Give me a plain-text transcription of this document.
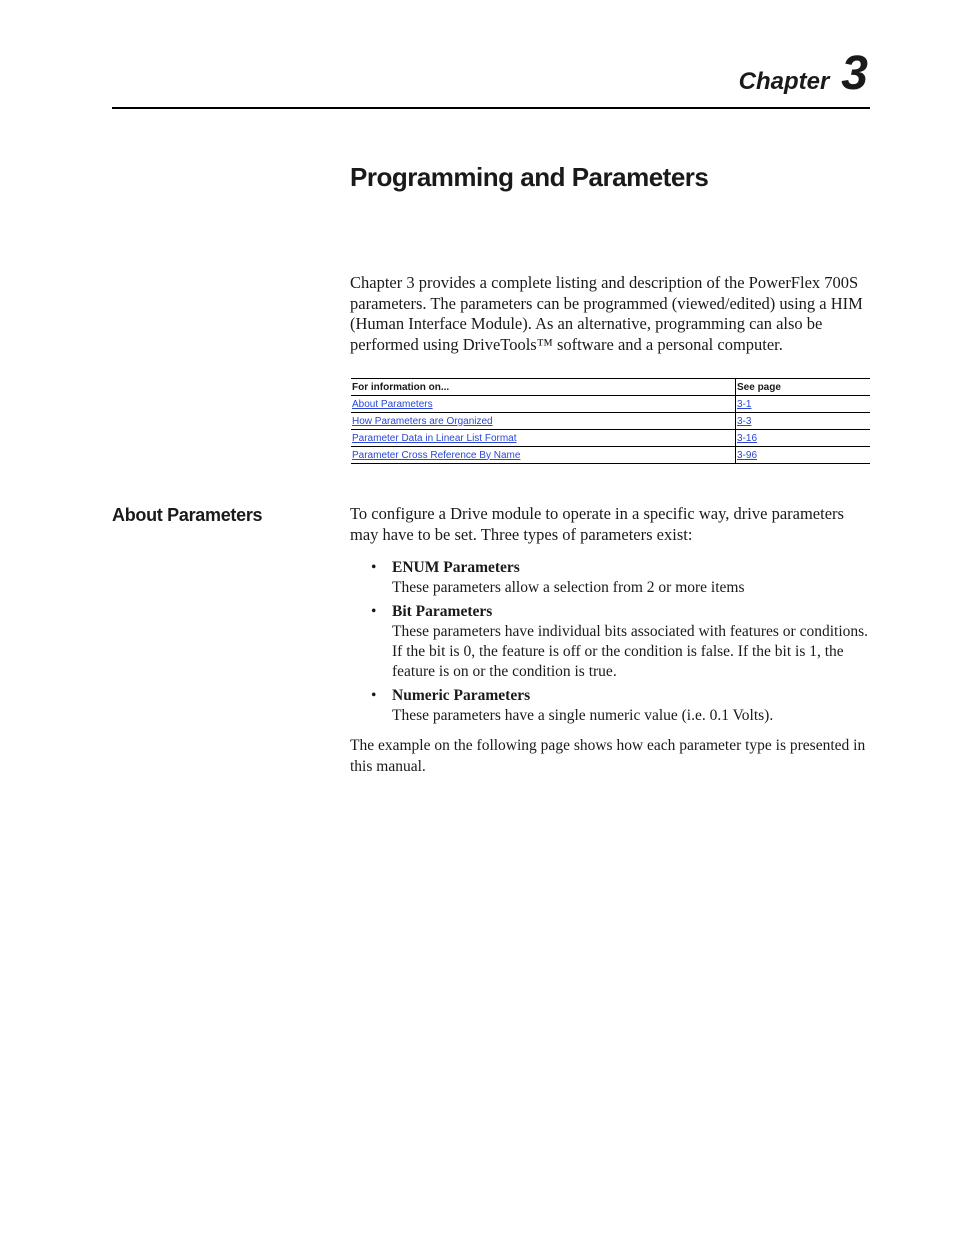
Chapter 3
Programming and Parameters

Chapter 3 provides a complete listing and description of the PowerFlex 700S parameters. The parameters can be programmed (viewed/edited) using a HIM (Human Interface Module). As an alternative, programming can also be performed using DriveTools™ software and a personal computer.

For information on...	See page
About Parameters	3-1
How Parameters are Organized	3-3
Parameter Data in Linear List Format	3-16
Parameter Cross Reference By Name	3-96
About Parameters	To configure a Drive module to operate in a specific way, drive parameters may have to be set. Three types of parameters exist:

• ENUM Parameters
These parameters allow a selection from 2 or more items
• Bit Parameters
These parameters have individual bits associated with features or conditions. If the bit is 0, the feature is off or the condition is false. If the bit is 1, the feature is on or the condition is true.
• Numeric Parameters
These parameters have a single numeric value (i.e. 0.1 Volts).

The example on the following page shows how each parameter type is presented in this manual.
